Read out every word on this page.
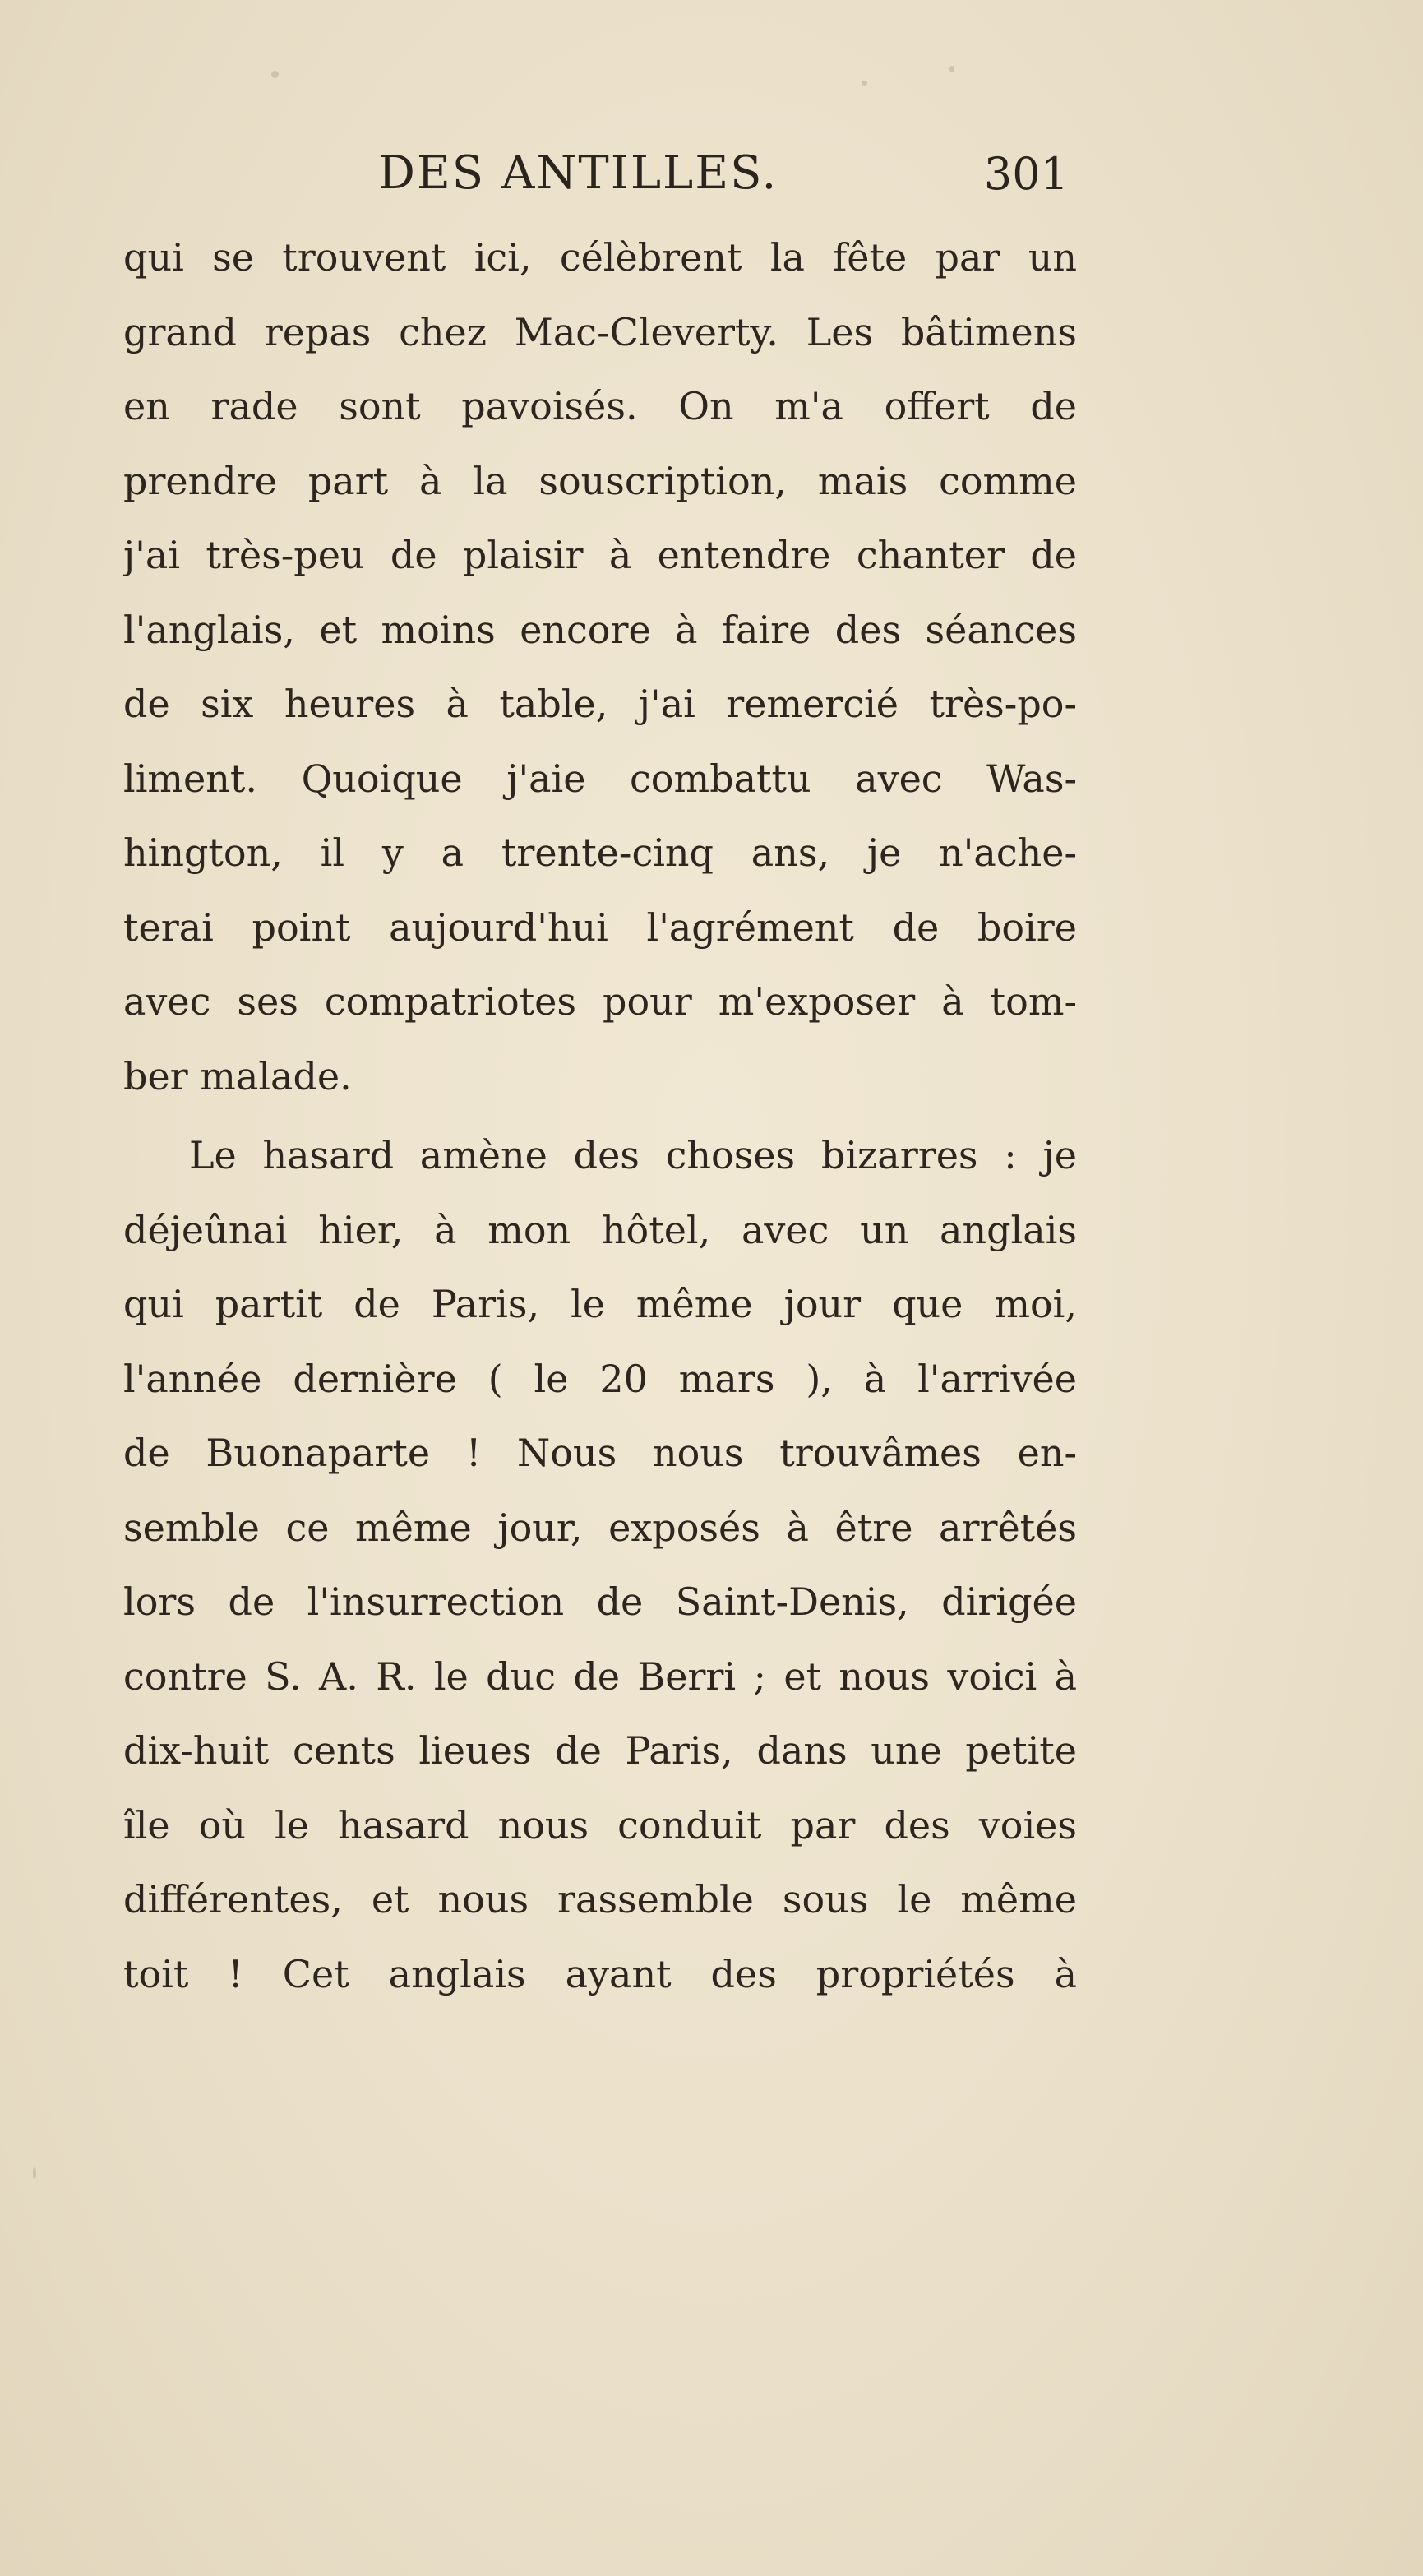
DES ANTILLES.	301
qui se trouvent ici, célèbrent la fête par un
grand repas chez Mac-Cleverty. Les bâtimens
en rade sont pavoisés. On m'a offert de
prendre part à la souscription, mais comme
j'ai très-peu de plaisir à entendre chanter de
l'anglais, et moins encore à faire des séances
de six heures à table, j'ai remercié très-po-
liment. Quoique j'aie combattu avec Was-
hington, il y a trente-cinq ans, je n'ache-
terai point aujourd'hui l'agrément de boire
avec ses compatriotes pour m'exposer à tom-
ber malade.
Le hasard amène des choses bizarres : je
déjeûnai hier, à mon hôtel, avec un anglais
qui partit de Paris, le même jour que moi,
l'année dernière ( le 20 mars ), à l'arrivée
de Buonaparte ! Nous nous trouvâmes en-
semble ce même jour, exposés à être arrêtés
lors de l'insurrection de Saint-Denis, dirigée
contre S. A. R. le duc de Berri ; et nous voici à
dix-huit cents lieues de Paris, dans une petite
île où le hasard nous conduit par des voies
différentes, et nous rassemble sous le même
toit ! Cet anglais ayant des propriétés à
